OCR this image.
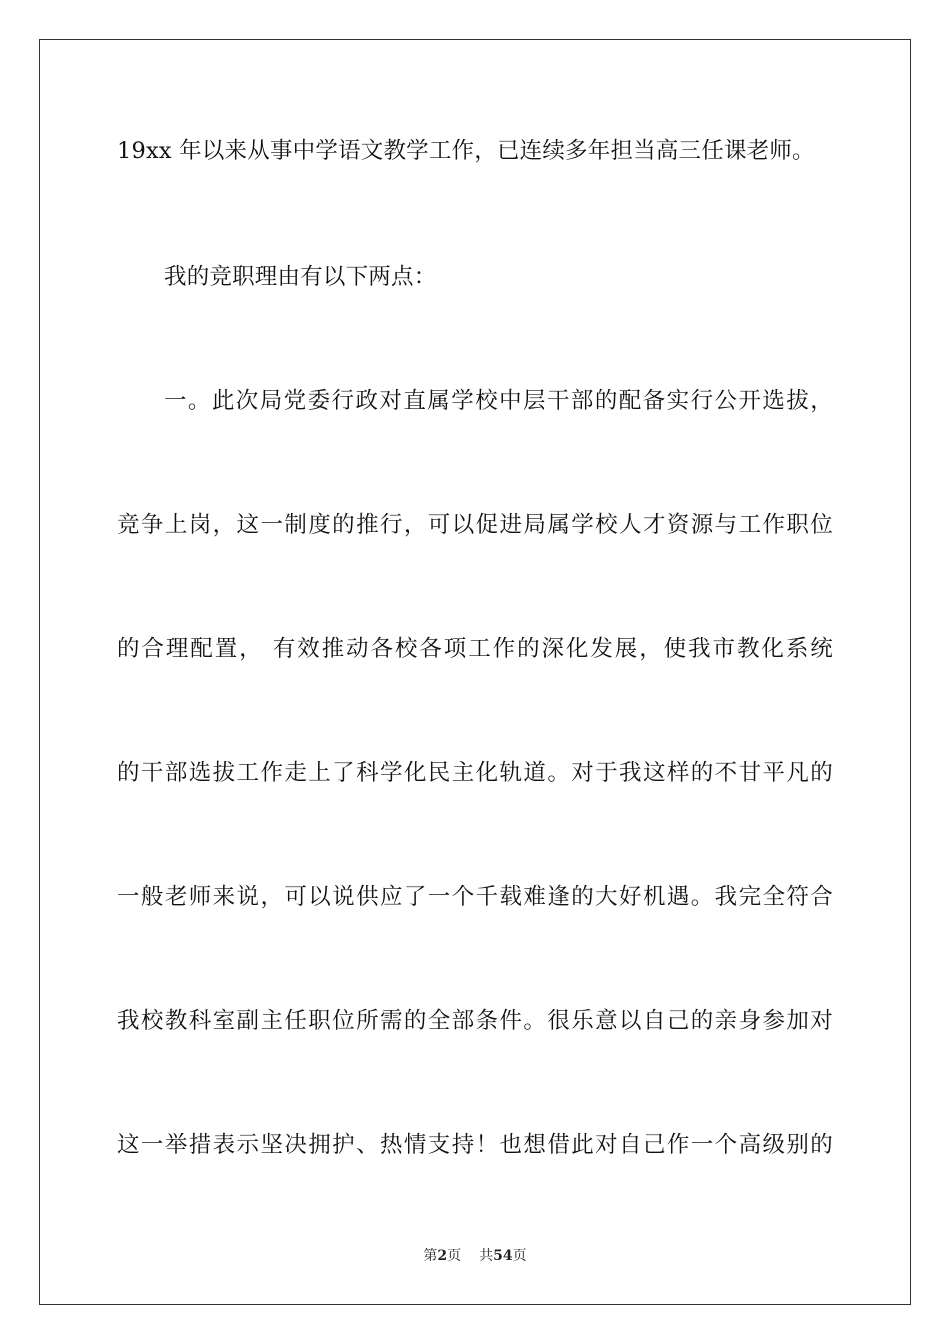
19xx 年以来从事中学语文教学工作，已连续多年担当高三任课老师。
我的竞职理由有以下两点：
一。此次局党委行政对直属学校中层干部的配备实行公开选拔，
竞争上岗，这一制度的推行，可以促进局属学校人才资源与工作职位
的合理配置， 有效推动各校各项工作的深化发展，使我市教化系统
的干部选拔工作走上了科学化民主化轨道。对于我这样的不甘平凡的
一般老师来说，可以说供应了一个千载难逢的大好机遇。我完全符合
我校教科室副主任职位所需的全部条件。很乐意以自己的亲身参加对
这一举措表示坚决拥护、热情支持！也想借此对自己作一个高级别的
第2页 共54页
